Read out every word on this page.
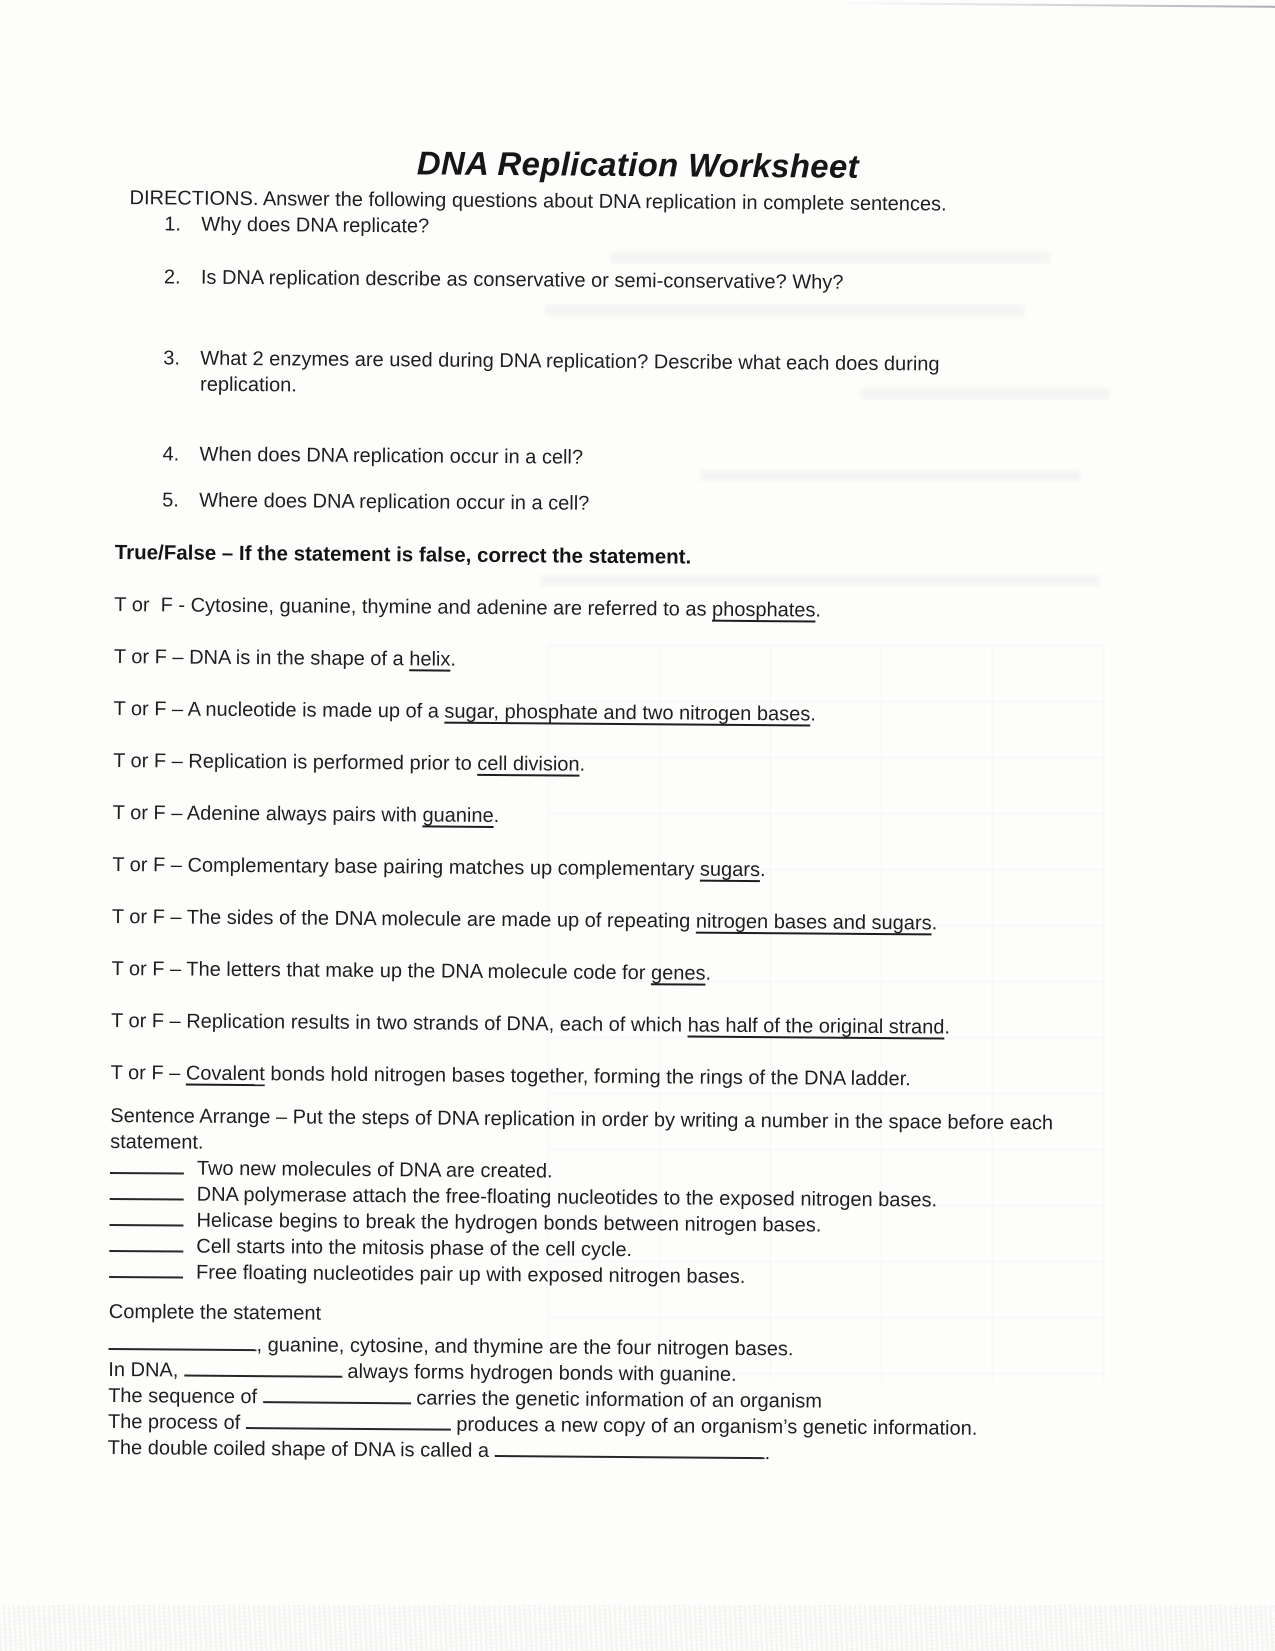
DNA Replication Worksheet

DIRECTIONS. Answer the following questions about DNA replication in complete sentences.

1.	Why does DNA replicate?
2.	Is DNA replication describe as conservative or semi-conservative? Why?
3.	What 2 enzymes are used during DNA replication? Describe what each does during replication.
4.	When does DNA replication occur in a cell?
5.	Where does DNA replication occur in a cell?

True/False – If the statement is false, correct the statement.

T or  F - Cytosine, guanine, thymine and adenine are referred to as phosphates.

T or F – DNA is in the shape of a helix.

T or F – A nucleotide is made up of a sugar, phosphate and two nitrogen bases.

T or F – Replication is performed prior to cell division.

T or F – Adenine always pairs with guanine.

T or F – Complementary base pairing matches up complementary sugars.

T or F – The sides of the DNA molecule are made up of repeating nitrogen bases and sugars.

T or F – The letters that make up the DNA molecule code for genes.

T or F – Replication results in two strands of DNA, each of which has half of the original strand.

T or F – Covalent bonds hold nitrogen bases together, forming the rings of the DNA ladder.

Sentence Arrange – Put the steps of DNA replication in order by writing a number in the space before each statement.

Two new molecules of DNA are created.
DNA polymerase attach the free-floating nucleotides to the exposed nitrogen bases.
Helicase begins to break the hydrogen bonds between nitrogen bases.
Cell starts into the mitosis phase of the cell cycle.
Free floating nucleotides pair up with exposed nitrogen bases.

Complete the statement

, guanine, cytosine, and thymine are the four nitrogen bases.

In DNA,	always forms hydrogen bonds with guanine.

The sequence of	carries the genetic information of an organism

The process of	produces a new copy of an organism’s genetic information.

The double coiled shape of DNA is called a	.
